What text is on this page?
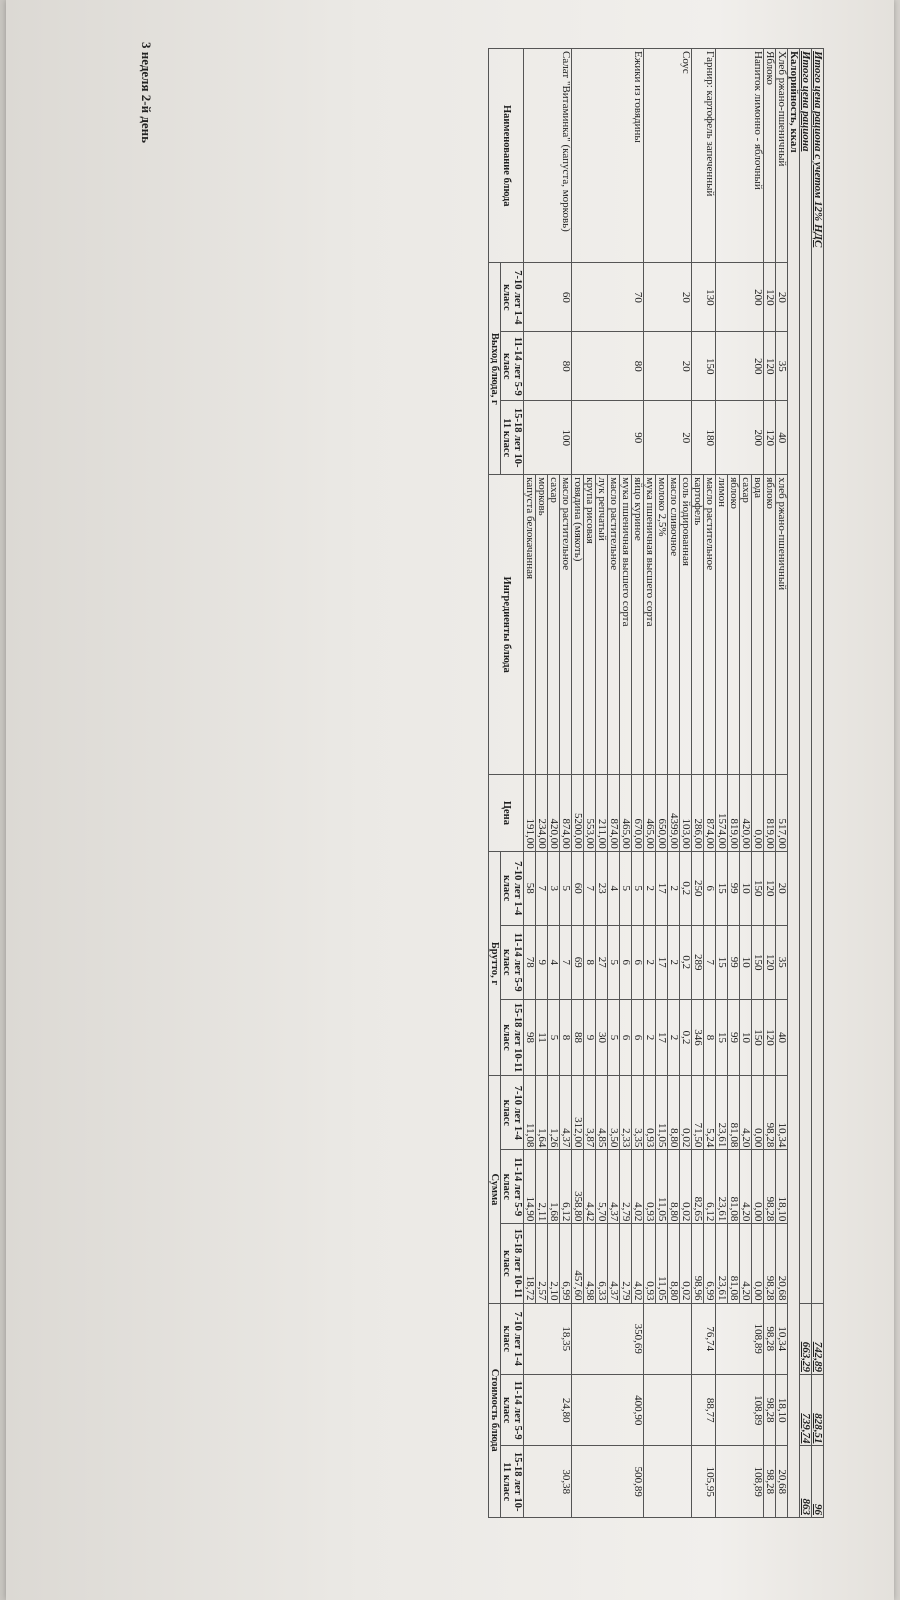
3 неделя 2-й день
Наименование блюда	Выход блюда, г			Ингредиенты блюда	Цена	Брутто, г			Сумма			Стоимость блюда		
	7-10 лет 1-4 класс	11-14 лет 5-9 класс	15-18 лет 10-11 класс			7-10 лет 1-4 класс	11-14 лет 5-9 класс	15-18 лет 10-11 класс	7-10 лет 1-4 класс	11-14 лет 5-9 класс	15-18 лет 10-11 класс	7-10 лет 1-4 класс	11-14 лет 5-9 класс	15-18 лет 10-11 класс
Салат "Витаминка" (капуста, морковь)	60	80	100	капуста белокачанная	191,00	58	78	98	11,08	14,90	18,72	18,35	24,80	30,38
				морковь	234,00	7	9	11	1,64	2,11	2,57			
				сахар	420,00	3	4	5	1,26	1,68	2,10			
				масло растительное	874,00	5	7	8	4,37	6,12	6,99			
Ежики из говядины	70	80	90	говядина (мякоть)	5200,00	60	69	88	312,00	358,80	457,60	350,69	400,90	500,89
				крупа рисовая	553,00	7	8	9	3,87	4,42	4,98			
				лук репчатый	211,00	23	27	30	4,85	5,70	6,33			
				масло растительное	874,00	4	5	5	3,50	4,37	4,37			
				мука пшеничная высшего сорта	465,00	5	6	6	2,33	2,79	2,79			
				яйцо куриное	670,00	5	6	6	3,35	4,02	4,02			
Соус	20	20	20	мука пшеничная высшего сорта	465,00	2	2	2	0,93	0,93	0,93			
				молоко 2,5%	650,00	17	17	17	11,05	11,05	11,05			
				масло сливочное	4399,00	2	2	2	8,80	8,80	8,80			
				соль йодированная	103,00	0,2	0,2	0,2	0,02	0,02	0,02			
Гарнир: картофель запеченный	130	150	180	картофель	286,00	250	289	346	71,50	82,65	98,96	76,74	88,77	105,95
				масло растительное	874,00	6	7	8	5,24	6,12	6,99			
Напиток лимонно - яблочный	200	200	200	лимон	1574,00	15	15	15	23,61	23,61	23,61	108,89	108,89	108,89
				яблоко	819,00	99	99	99	81,08	81,08	81,08			
				сахар	420,00	10	10	10	4,20	4,20	4,20			
				вода	0,00	150	150	150	0,00	0,00	0,00			
Яблоко	120	120	120	яблоко	819,00	120	120	120	98,28	98,28	98,28	98,28	98,28	98,28
Хлеб ржано-пшеничный	20	35	40	хлеб ржано-пшеничный	517,00	20	35	40	10,34	18,10	20,68	10,34	18,10	20,68
Калорийность, ккал														
Итого цена рациона												663,29	739,74	863
Итого цена рациона с учетом 12% НДС												742,89	828,51	96
